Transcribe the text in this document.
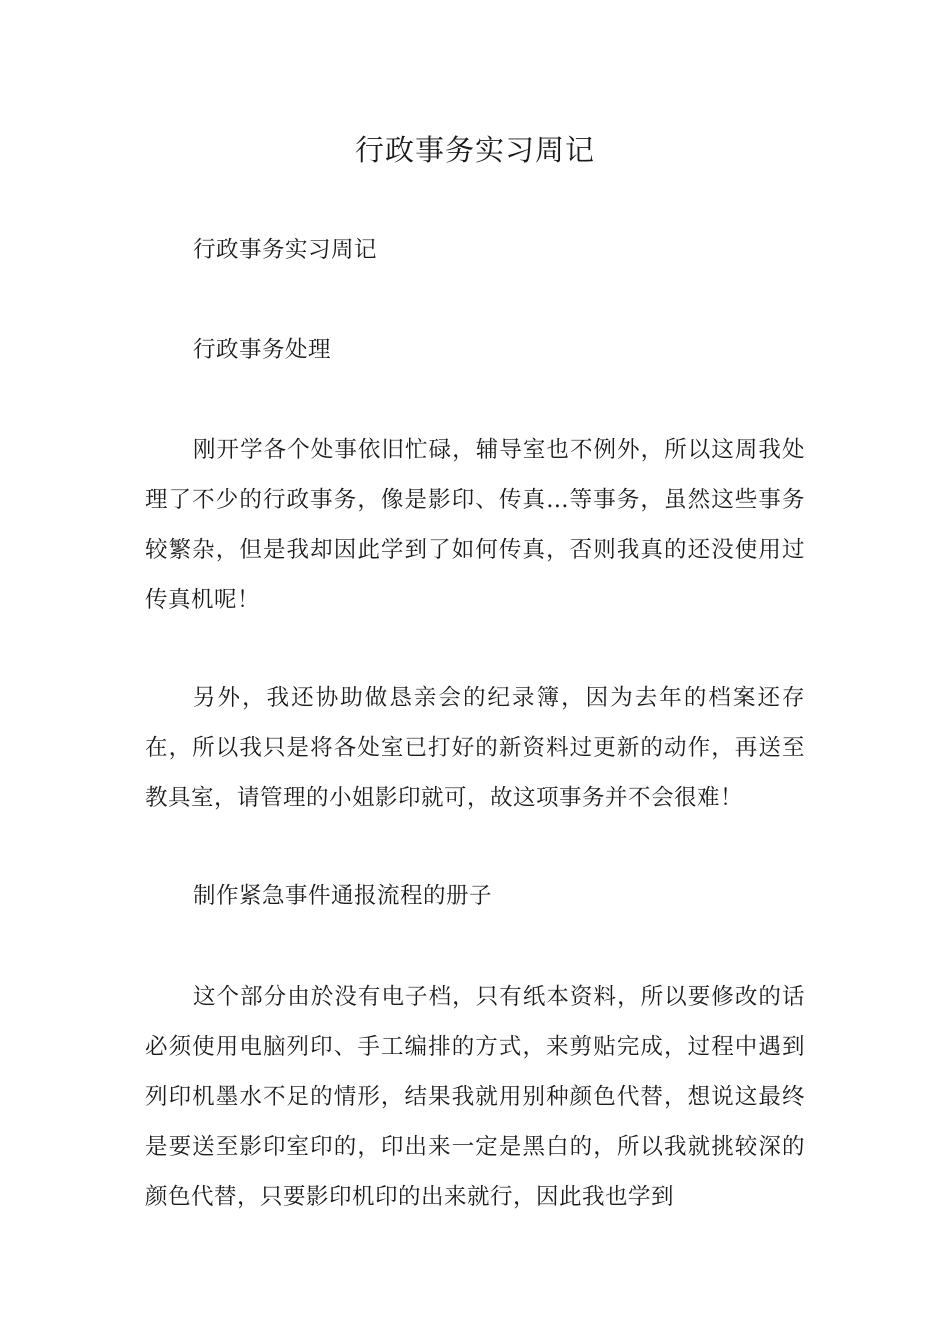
行政事务实习周记

行政事务实习周记

行政事务处理

刚开学各个处事依旧忙碌，辅导室也不例外，所以这周我处理了不少的行政事务，像是影印、传真…等事务，虽然这些事务较繁杂，但是我却因此学到了如何传真，否则我真的还没使用过传真机呢！

另外，我还协助做恳亲会的纪录簿，因为去年的档案还存在，所以我只是将各处室已打好的新资料过更新的动作，再送至教具室，请管理的小姐影印就可，故这项事务并不会很难！

制作紧急事件通报流程的册子

这个部分由於没有电子档，只有纸本资料，所以要修改的话必须使用电脑列印、手工编排的方式，来剪贴完成，过程中遇到列印机墨水不足的情形，结果我就用别种颜色代替，想说这最终是要送至影印室印的，印出来一定是黑白的，所以我就挑较深的颜色代替，只要影印机印的出来就行，因此我也学到
